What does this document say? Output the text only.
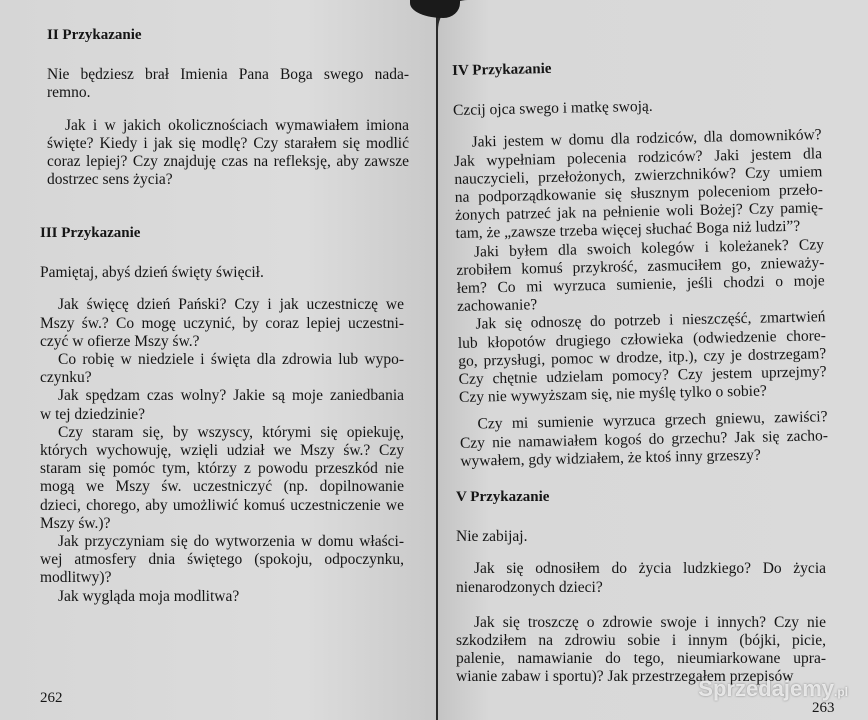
II Przykazanie
Nie będziesz brał Imienia Pana Boga swego nada-
remno.
Jak i w jakich okolicznościach wymawiałem imiona
święte? Kiedy i jak się modlę? Czy starałem się modlić
coraz lepiej? Czy znajduję czas na refleksję, aby zawsze
dostrzec sens życia?
III Przykazanie
Pamiętaj, abyś dzień święty święcił.
Jak święcę dzień Pański? Czy i jak uczestniczę we
Mszy św.? Co mogę uczynić, by coraz lepiej uczestni-
czyć w ofierze Mszy św.?
Co robię w niedziele i święta dla zdrowia lub wypo-
czynku?
Jak spędzam czas wolny? Jakie są moje zaniedbania
w tej dziedzinie?
Czy staram się, by wszyscy, którymi się opiekuję,
których wychowuję, wzięli udział we Mszy św.? Czy
staram się pomóc tym, którzy z powodu przeszkód nie
mogą we Mszy św. uczestniczyć (np. dopilnowanie
dzieci, chorego, aby umożliwić komuś uczestniczenie we
Mszy św.)?
Jak przyczyniam się do wytworzenia w domu właści-
wej atmosfery dnia świętego (spokoju, odpoczynku,
modlitwy)?
Jak wygląda moja modlitwa?
262
IV Przykazanie
Czcij ojca swego i matkę swoją.
Jaki jestem w domu dla rodziców, dla domowników?
Jak wypełniam polecenia rodziców? Jaki jestem dla
nauczycieli, przełożonych, zwierzchników? Czy umiem
na podporządkowanie się słusznym poleceniom przeło-
żonych patrzeć jak na pełnienie woli Bożej? Czy pamię-
tam, że „zawsze trzeba więcej słuchać Boga niż ludzi”?
Jaki byłem dla swoich kolegów i koleżanek? Czy
zrobiłem komuś przykrość, zasmuciłem go, znieważy-
łem? Co mi wyrzuca sumienie, jeśli chodzi o moje
zachowanie?
Jak się odnoszę do potrzeb i nieszczęść, zmartwień
lub kłopotów drugiego człowieka (odwiedzenie chore-
go, przysługi, pomoc w drodze, itp.), czy je dostrzegam?
Czy chętnie udzielam pomocy? Czy jestem uprzejmy?
Czy nie wywyższam się, nie myślę tylko o sobie?
Czy mi sumienie wyrzuca grzech gniewu, zawiści?
Czy nie namawiałem kogoś do grzechu? Jak się zacho-
wywałem, gdy widziałem, że ktoś inny grzeszy?
V Przykazanie
Nie zabijaj.
Jak się odnosiłem do życia ludzkiego? Do życia
nienarodzonych dzieci?
Jak się troszczę o zdrowie swoje i innych? Czy nie
szkodziłem na zdrowiu sobie i innym (bójki, picie,
palenie, namawianie do tego, nieumiarkowane upra-
wianie zabaw i sportu)? Jak przestrzegałem przepisów
263
Sprzedajemy.pl
